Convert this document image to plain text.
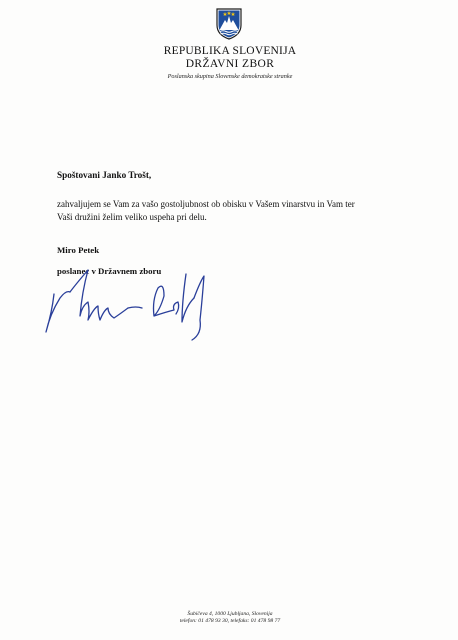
REPUBLIKA SLOVENIJA
DRŽAVNI ZBOR
Poslanska skupina Slovenske demokratske stranke
Spoštovani Janko Trošt,
zahvaljujem se Vam za vašo gostoljubnost ob obisku v Vašem vinarstvu in Vam ter
Vaši družini želim veliko uspeha pri delu.
Miro Petek
poslanec v Državnem zboru
Šubičeva 4, 1000 Ljubljana, Slovenija
telefon: 01 478 93 30, telefaks: 01 478 98 77
